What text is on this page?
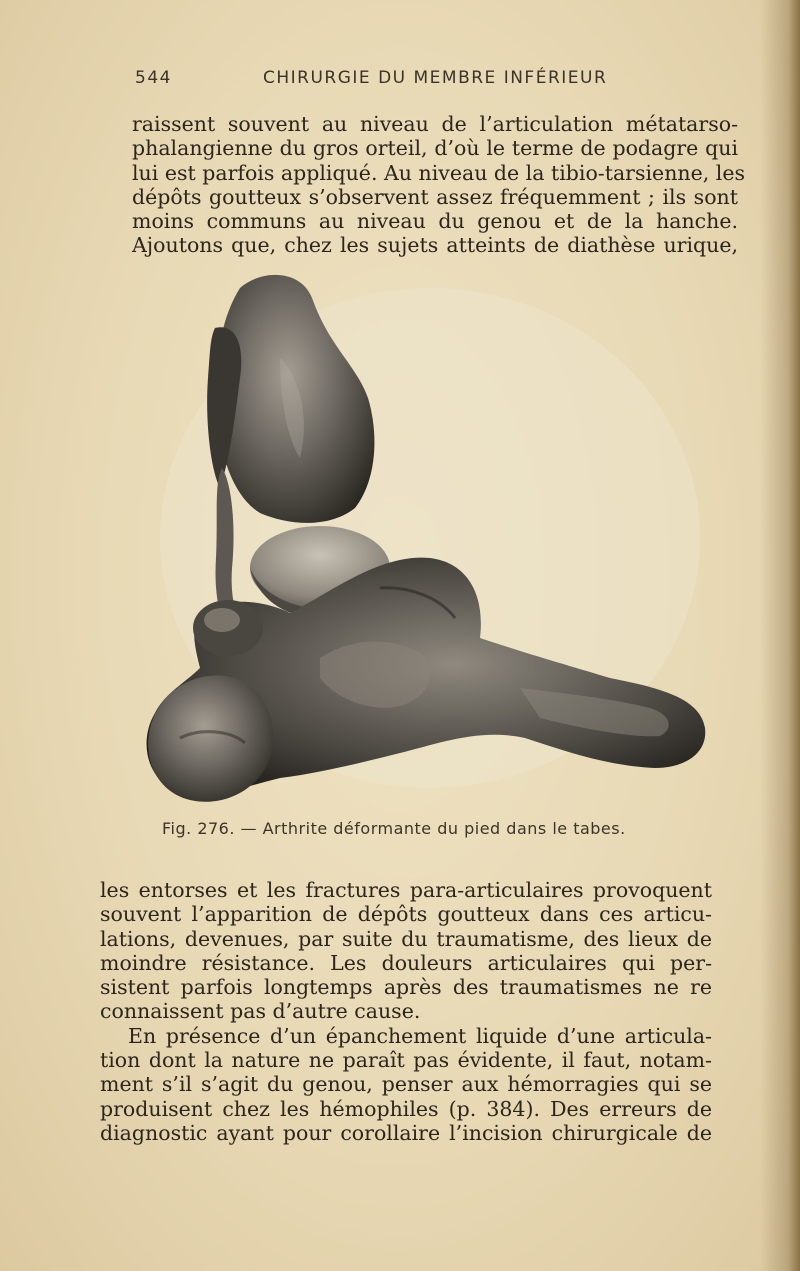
544	CHIRURGIE DU MEMBRE INFÉRIEUR
raissent souvent au niveau de l’articulation métatarso-
phalangienne du gros orteil, d’où le terme de podagre qui
lui est parfois appliqué. Au niveau de la tibio-tarsienne, les
dépôts goutteux s’observent assez fréquemment ; ils sont
moins communs au niveau du genou et de la hanche.
Ajoutons que, chez les sujets atteints de diathèse urique,
Fig. 276. — Arthrite déformante du pied dans le tabes.
les entorses et les fractures para-articulaires provoquent
souvent l’apparition de dépôts goutteux dans ces articu-
lations, devenues, par suite du traumatisme, des lieux de
moindre résistance. Les douleurs articulaires qui per-
sistent parfois longtemps après des traumatismes ne re
connaissent pas d’autre cause.
En présence d’un épanchement liquide d’une articula-
tion dont la nature ne paraît pas évidente, il faut, notam-
ment s’il s’agit du genou, penser aux hémorragies qui se
produisent chez les hémophiles (p. 384). Des erreurs de
diagnostic ayant pour corollaire l’incision chirurgicale de
